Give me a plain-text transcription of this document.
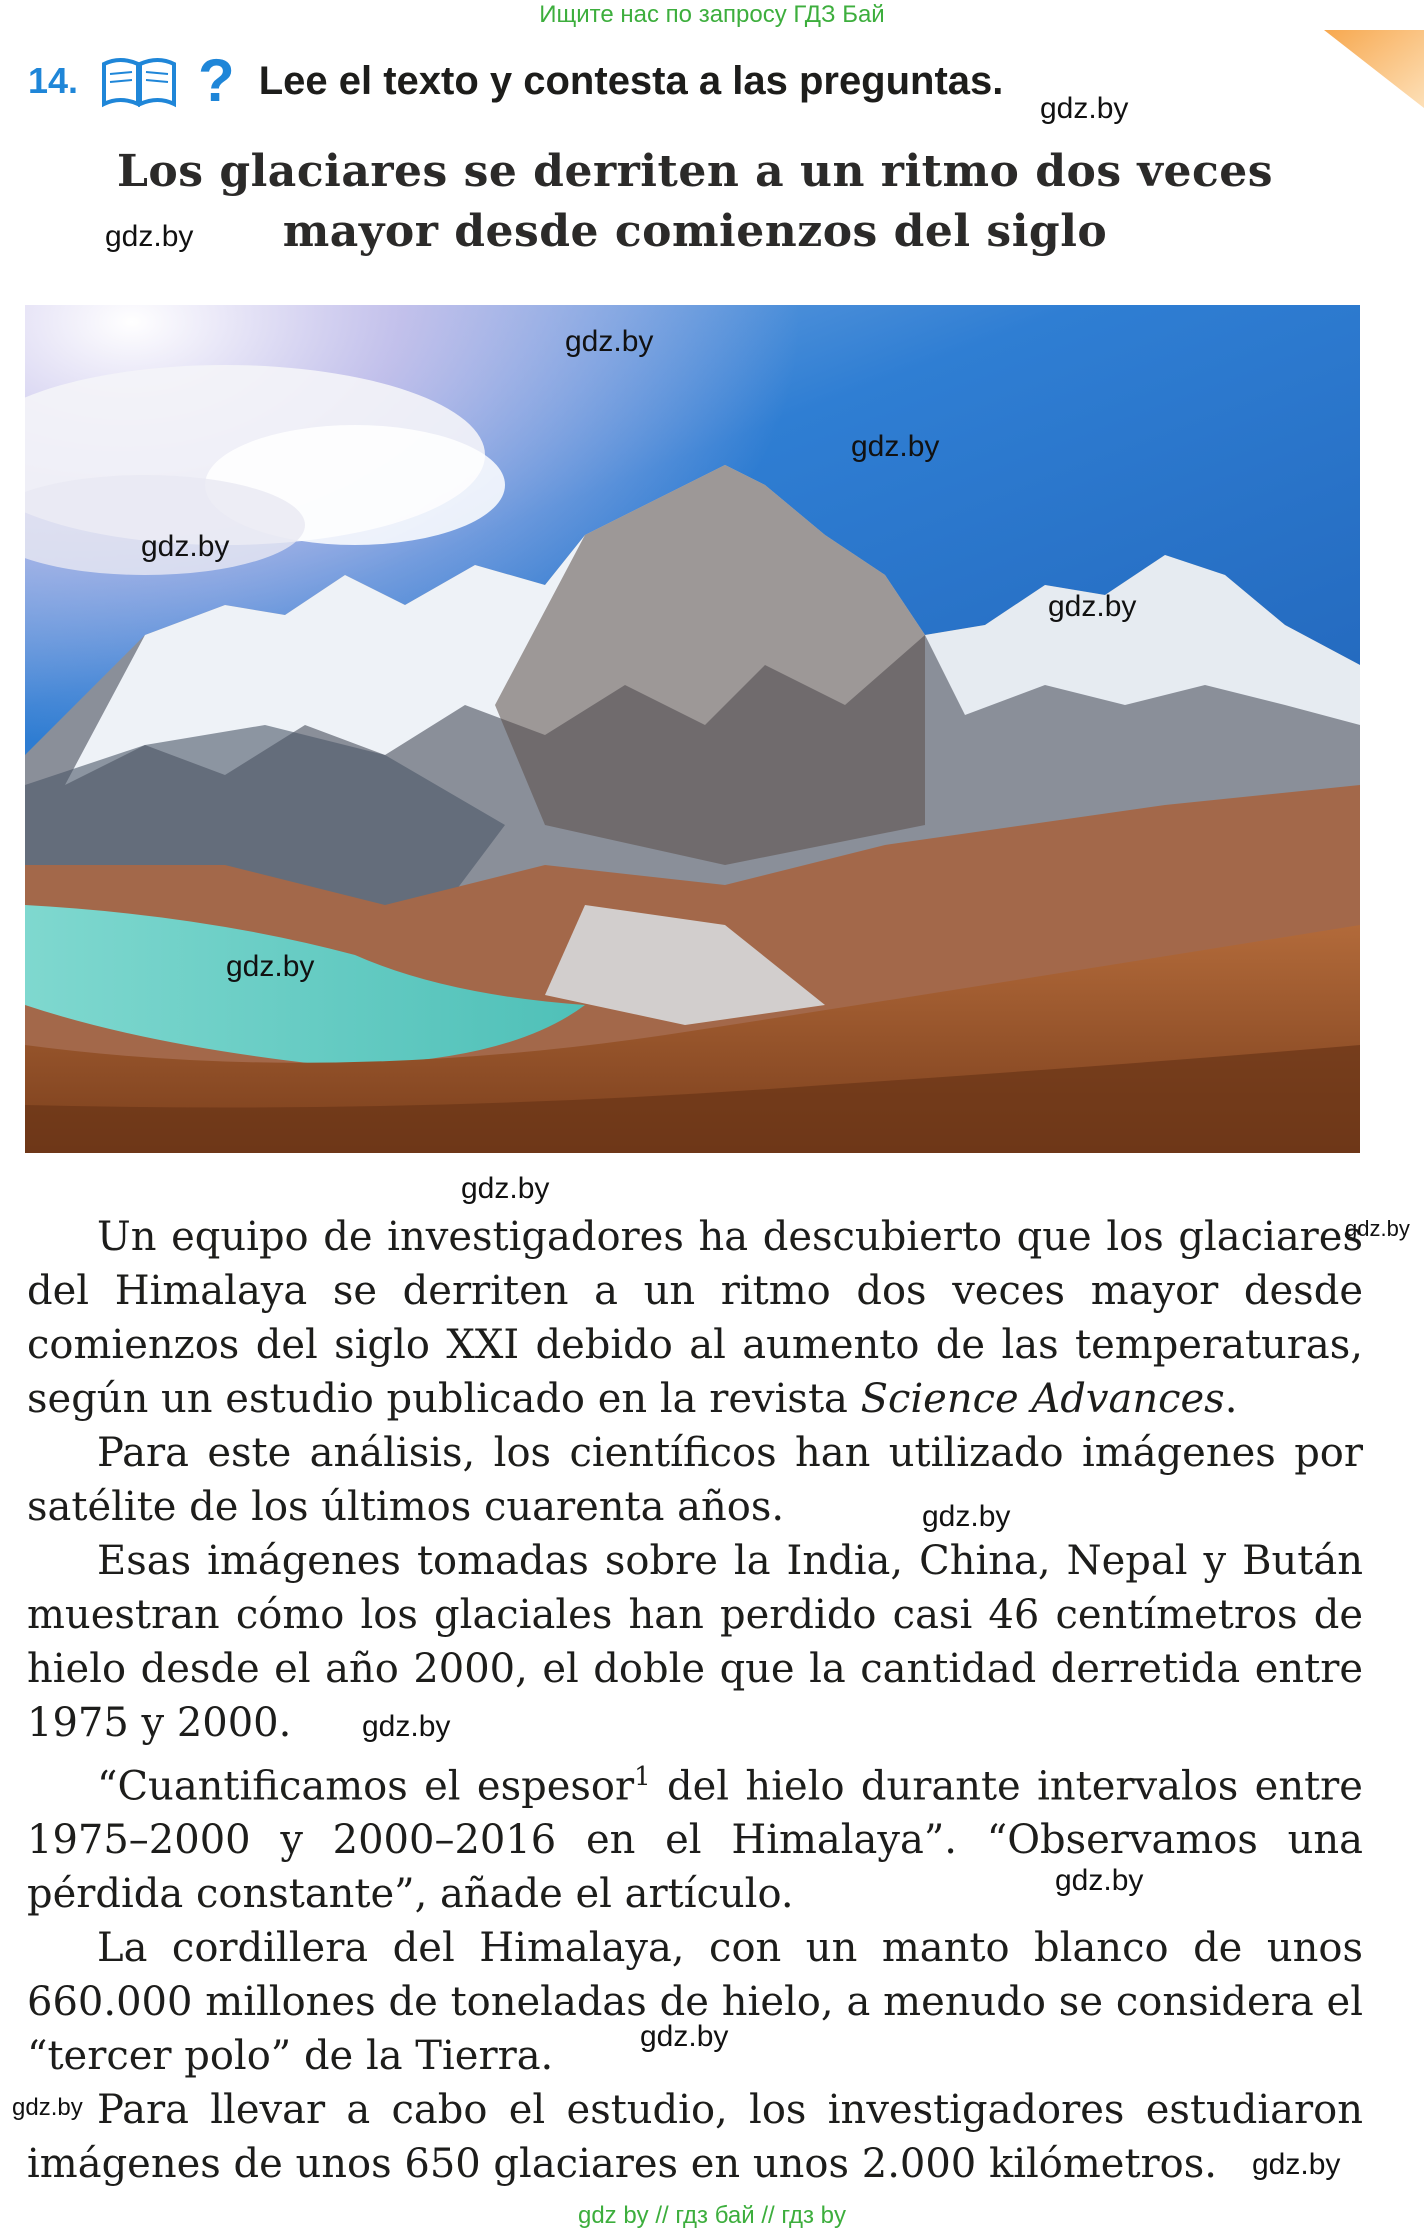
Ищите нас по запросу ГДЗ Бай
14. ? Lee el texto y contesta a las preguntas.
gdz.by
Los glaciares se derriten a un ritmo dos veces
mayor desde comienzos del siglo
gdz.by
gdz.by
gdz.by
gdz.by
gdz.by
gdz.by
gdz.by

Un equipo de investigadores ha descubierto que los glaciares del Himalaya se derriten a un ritmo dos veces mayor desde comienzos del siglo XXI debido al aumento de las temperaturas, según un estudio publicado en la revista Science Advances.

Para este análisis, los científicos han utilizado imágenes por satélite de los últimos cuarenta años.

Esas imágenes tomadas sobre la India, China, Nepal y Bután muestran cómo los glaciales han perdido casi 46 centímetros de hielo desde el año 2000, el doble que la cantidad derretida entre 1975 y 2000.

“Cuantificamos el espesor$^1$ del hielo durante intervalos entre 1975–2000 y 2000–2016 en el Himalaya”. “Observamos una pérdida constante”, añade el artículo.

La cordillera del Himalaya, con un manto blanco de unos 660.000 millones de toneladas de hielo, a menudo se considera el “tercer polo” de la Tierra.

Para llevar a cabo el estudio, los investigadores estudiaron imágenes de unos 650 glaciares en unos 2.000 kilómetros.

gdz.by
gdz.by
gdz.by
gdz.by
gdz.by
gdz.by
gdz.by
gdz by // гдз бай // гдз by
